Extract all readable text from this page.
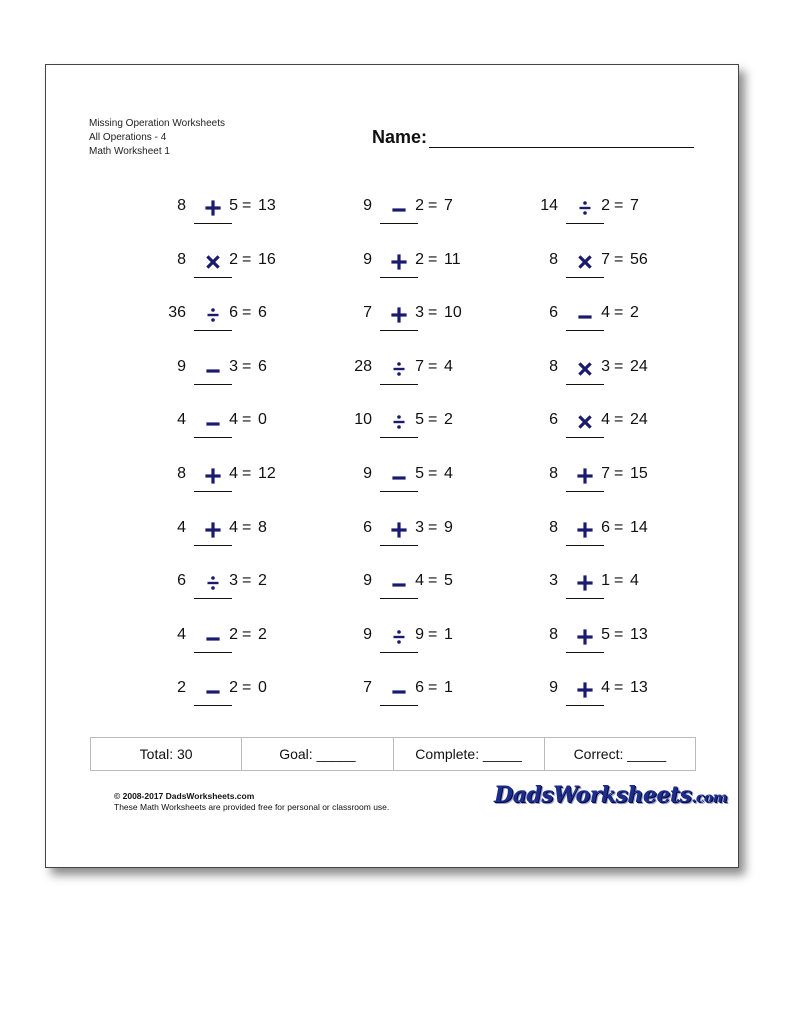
Missing Operation Worksheets
All Operations - 4
Math Worksheet 1
Name:
8	5 = 13
8	2 = 16
36	6 = 6
9	3 = 6
4	4 = 0
8	4 = 12
4	4 = 8
6	3 = 2
4	2 = 2
2	2 = 0
9	2 = 7
9	2 = 11
7	3 = 10
28	7 = 4
10	5 = 2
9	5 = 4
6	3 = 9
9	4 = 5
9	9 = 1
7	6 = 1
14	2 = 7
8	7 = 56
6	4 = 2
8	3 = 24
6	4 = 24
8	7 = 15
8	6 = 14
3	1 = 4
8	5 = 13
9	4 = 13
Total: 30	Goal: _____	Complete: _____	Correct: _____
© 2008-2017 DadsWorksheets.com
These Math Worksheets are provided free for personal or classroom use.	DadsWorksheets.com
